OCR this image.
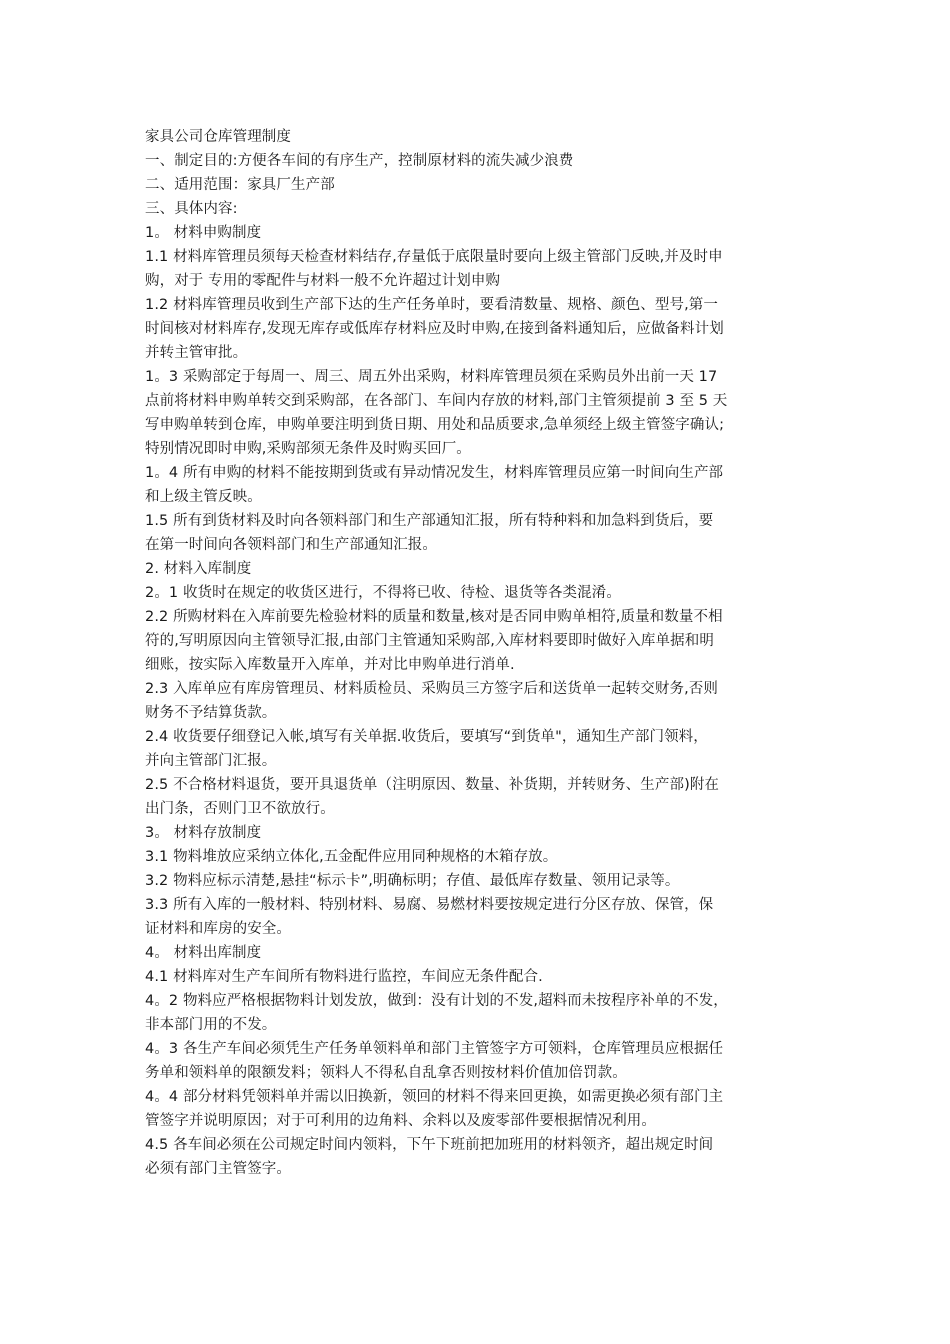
家具公司仓库管理制度
一、制定目的:方便各车间的有序生产，控制原材料的流失减少浪费
二、适用范围：家具厂生产部
三、具体内容:
1。 材料申购制度
1.1 材料库管理员须每天检查材料结存,存量低于底限量时要向上级主管部门反映,并及时申
购，对于 专用的零配件与材料一般不允许超过计划申购
1.2 材料库管理员收到生产部下达的生产任务单时，要看清数量、规格、颜色、型号,第一
时间核对材料库存,发现无库存或低库存材料应及时申购,在接到备料通知后，应做备料计划
并转主管审批。
1。3 采购部定于每周一、周三、周五外出采购，材料库管理员须在采购员外出前一天 17
点前将材料申购单转交到采购部，在各部门、车间内存放的材料,部门主管须提前 3 至 5 天
写申购单转到仓库，申购单要注明到货日期、用处和品质要求,急单须经上级主管签字确认;
特别情况即时申购,采购部须无条件及时购买回厂。
1。4 所有申购的材料不能按期到货或有异动情况发生，材料库管理员应第一时间向生产部
和上级主管反映。
1.5 所有到货材料及时向各领料部门和生产部通知汇报，所有特种料和加急料到货后，要
在第一时间向各领料部门和生产部通知汇报。
2. 材料入库制度
2。1 收货时在规定的收货区进行，不得将已收、待检、退货等各类混淆。
2.2 所购材料在入库前要先检验材料的质量和数量,核对是否同申购单相符,质量和数量不相
符的,写明原因向主管领导汇报,由部门主管通知采购部,入库材料要即时做好入库单据和明
细账，按实际入库数量开入库单，并对比申购单进行消单.
2.3 入库单应有库房管理员、材料质检员、采购员三方签字后和送货单一起转交财务,否则
财务不予结算货款。
2.4 收货要仔细登记入帐,填写有关单据.收货后，要填写“到货单"，通知生产部门领料，
并向主管部门汇报。
2.5 不合格材料退货，要开具退货单（注明原因、数量、补货期，并转财务、生产部)附在
出门条，否则门卫不欲放行。
3。 材料存放制度
3.1 物料堆放应采纳立体化,五金配件应用同种规格的木箱存放。
3.2 物料应标示清楚,悬挂“标示卡”,明确标明；存值、最低库存数量、领用记录等。
3.3 所有入库的一般材料、特别材料、易腐、易燃材料要按规定进行分区存放、保管，保
证材料和库房的安全。
4。 材料出库制度
4.1 材料库对生产车间所有物料进行监控，车间应无条件配合.
4。2 物料应严格根据物料计划发放，做到：没有计划的不发,超料而未按程序补单的不发，
非本部门用的不发。
4。3 各生产车间必须凭生产任务单领料单和部门主管签字方可领料，仓库管理员应根据任
务单和领料单的限额发料；领料人不得私自乱拿否则按材料价值加倍罚款。
4。4 部分材料凭领料单并需以旧换新，领回的材料不得来回更换，如需更换必须有部门主
管签字并说明原因；对于可利用的边角料、余料以及废零部件要根据情况利用。
4.5 各车间必须在公司规定时间内领料，下午下班前把加班用的材料领齐，超出规定时间
必须有部门主管签字。
